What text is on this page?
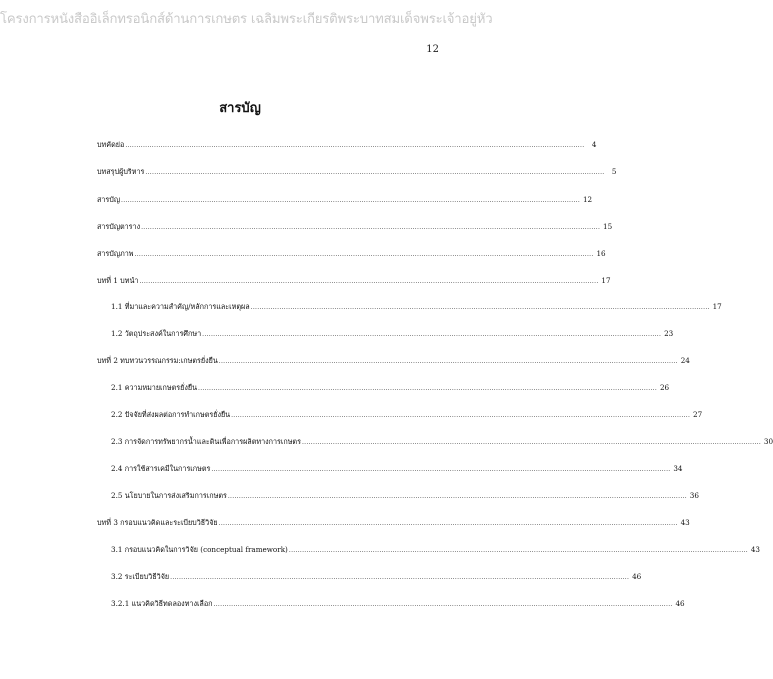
โครงการหนังสืออิเล็กทรอนิกส์ด้านการเกษตร เฉลิมพระเกียรติพระบาทสมเด็จพระเจ้าอยู่หัว
12
สารบัญ
บทคัดย่อ ................................................................................................................................................................................................................	4
บทสรุปผู้บริหาร ................................................................................................................................................................................................................	5
สารบัญ ................................................................................................................................................................................................................ 12
สารบัญตาราง ................................................................................................................................................................................................................ 15
สารบัญภาพ ................................................................................................................................................................................................................ 16
บทที่ 1 บทนำ ................................................................................................................................................................................................................ 17
1.1 ที่มาและความสำคัญ/หลักการและเหตุผล ................................................................................................................................................................................................................ 17
1.2 วัตถุประสงค์ในการศึกษา ................................................................................................................................................................................................................ 23
บทที่ 2 ทบทวนวรรณกรรม:เกษตรยั่งยืน ................................................................................................................................................................................................................ 24
2.1 ความหมายเกษตรยั่งยืน ................................................................................................................................................................................................................ 26
2.2 ปัจจัยที่ส่งผลต่อการทำเกษตรยั่งยืน ................................................................................................................................................................................................................ 27
2.3 การจัดการทรัพยากรน้ำและดินเพื่อการผลิตทางการเกษตร ................................................................................................................................................................................................................ 30
2.4 การใช้สารเคมีในการเกษตร ................................................................................................................................................................................................................ 34
2.5 นโยบายในการส่งเสริมการเกษตร ................................................................................................................................................................................................................ 36
บทที่ 3 กรอบแนวคิดและระเบียบวิธีวิจัย ................................................................................................................................................................................................................ 43
3.1 กรอบแนวคิดในการวิจัย (conceptual framework) ................................................................................................................................................................................................................ 43
3.2 ระเบียบวิธีวิจัย ................................................................................................................................................................................................................ 46
3.2.1 แนวคิดวิธีทดลองทางเลือก ................................................................................................................................................................................................................ 46
